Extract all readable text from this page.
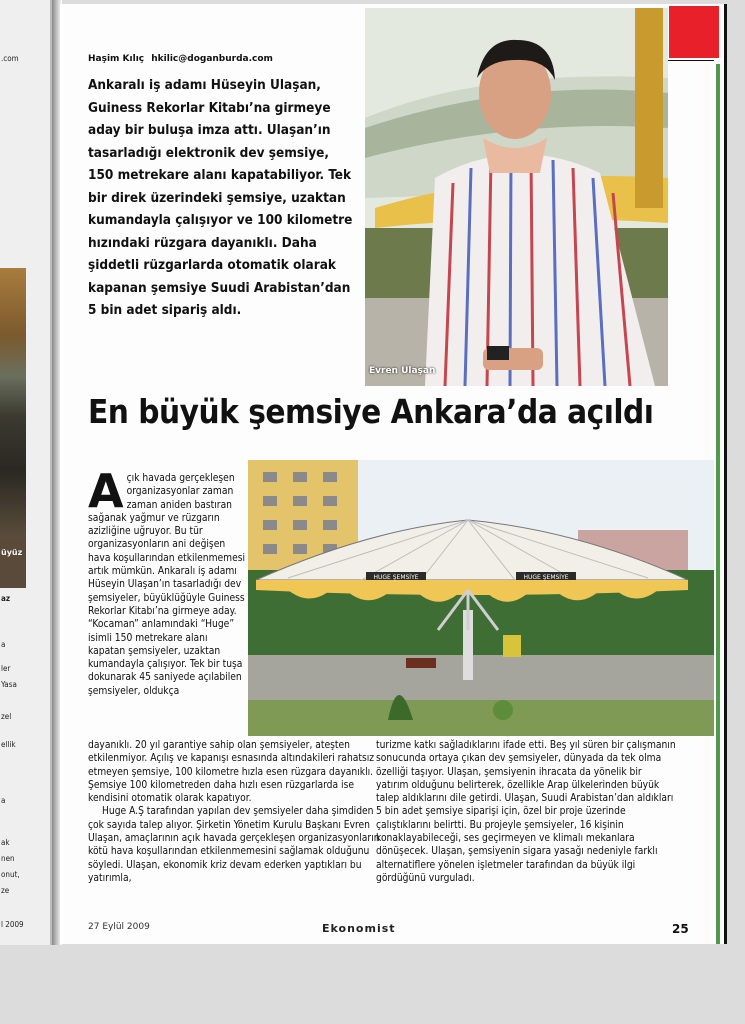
.com
üyüz
az
a
ler
Yasa
zel
ellik
a
ak
nen
onut,
ze
l 2009
Haşim Kılıç hkilic@doganburda.com
Ankaralı iş adamı Hüseyin Ulaşan, Guiness Rekorlar Kitabı’na girmeye aday bir buluşa imza attı. Ulaşan’ın tasarladığı elektronik dev şemsiye, 150 metrekare alanı kapatabiliyor. Tek bir direk üzerindeki şemsiye, uzaktan kumandayla çalışıyor ve 100 kilometre hızındaki rüzgara dayanıklı. Daha şiddetli rüzgarlarda otomatik olarak kapanan şemsiye Suudi Arabistan’dan 5 bin adet sipariş aldı.
Evren Ulaşan
En büyük şemsiye Ankara’da açıldı
A çık havada gerçekleşen organizasyonlar zaman zaman aniden bastıran sağanak yağmur ve rüzgarın azizliğine uğruyor. Bu tür organizasyonların ani değişen hava koşullarından etkilenmemesi artık mümkün. Ankaralı iş adamı Hüseyin Ulaşan’ın tasarladığı dev şemsiyeler, büyüklüğüyle Guiness Rekorlar Kitabı’na girmeye aday. “Kocaman” anlamındaki “Huge” isimli 150 metrekare alanı kapatan şemsiyeler, uzaktan kumandayla çalışıyor. Tek bir tuşa dokunarak 45 saniyede açılabilen şemsiyeler, oldukça
HUGE ŞEMSİYE	HUGE ŞEMSİYE
dayanıklı. 20 yıl garantiye sahip olan şemsiyeler, ateşten etkilenmiyor. Açılış ve kapanışı esnasında altındakileri rahatsız etmeyen şemsiye, 100 kilometre hızla esen rüzgara dayanıklı. Şemsiye 100 kilometreden daha hızlı esen rüzgarlarda ise kendisini otomatik olarak kapatıyor.
Huge A.Ş tarafından yapılan dev şemsiyeler daha şimdiden çok sayıda talep alıyor. Şirketin Yönetim Kurulu Başkanı Evren Ulaşan, amaçlarının açık havada gerçekleşen organizasyonların kötü hava koşullarından etkilenmemesini sağlamak olduğunu söyledi. Ulaşan, ekonomik kriz devam ederken yaptıkları bu yatırımla,
turizme katkı sağladıklarını ifade etti. Beş yıl süren bir çalışmanın sonucunda ortaya çıkan dev şemsiyeler, dünyada da tek olma özelliği taşıyor. Ulaşan, şemsiyenin ihracata da yönelik bir yatırım olduğunu belirterek, özellikle Arap ülkelerinden büyük talep aldıklarını dile getirdi. Ulaşan, Suudi Arabistan’dan aldıkları 5 bin adet şemsiye siparişi için, özel bir proje üzerinde çalıştıklarını belirtti. Bu projeyle şemsiyeler, 16 kişinin konaklayabileceği, ses geçirmeyen ve klimalı mekanlara dönüşecek. Ulaşan, şemsiyenin sigara yasağı nedeniyle farklı alternatiflere yönelen işletmeler tarafından da büyük ilgi gördüğünü vurguladı.
27 Eylül 2009	Ekonomist	25
